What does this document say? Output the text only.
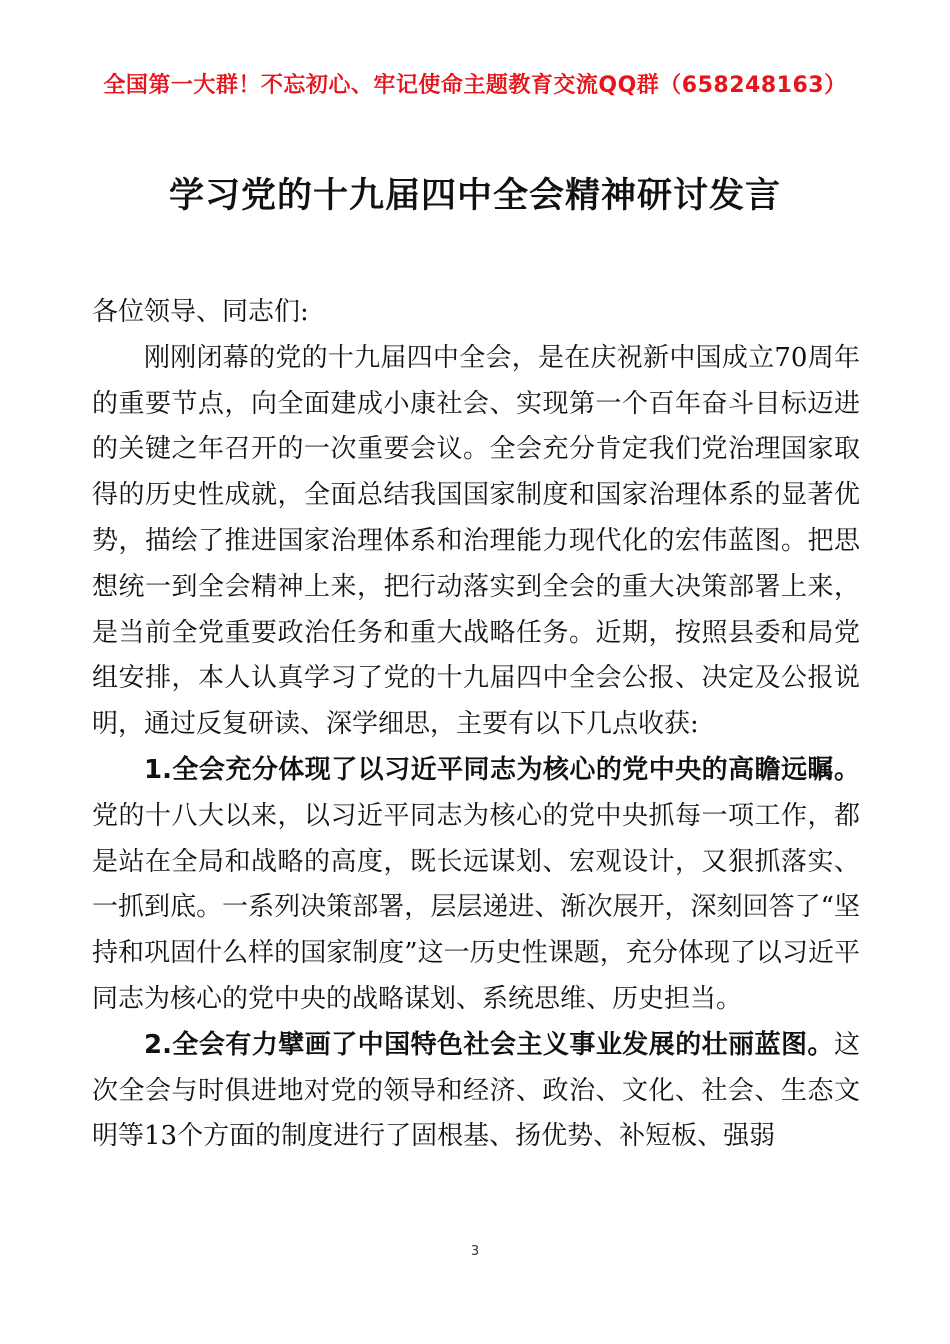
全国第一大群！不忘初心、牢记使命主题教育交流QQ群（658248163）
学习党的十九届四中全会精神研讨发言

各位领导、同志们:

刚刚闭幕的党的十九届四中全会，是在庆祝新中国成立70周年的重要节点，向全面建成小康社会、实现第一个百年奋斗目标迈进的关键之年召开的一次重要会议。全会充分肯定我们党治理国家取得的历史性成就，全面总结我国国家制度和国家治理体系的显著优势，描绘了推进国家治理体系和治理能力现代化的宏伟蓝图。把思想统一到全会精神上来，把行动落实到全会的重大决策部署上来，是当前全党重要政治任务和重大战略任务。近期，按照县委和局党组安排，本人认真学习了党的十九届四中全会公报、决定及公报说明，通过反复研读、深学细思，主要有以下几点收获:

1.全会充分体现了以习近平同志为核心的党中央的高瞻远瞩。党的十八大以来，以习近平同志为核心的党中央抓每一项工作，都是站在全局和战略的高度，既长远谋划、宏观设计，又狠抓落实、一抓到底。一系列决策部署，层层递进、渐次展开，深刻回答了“坚持和巩固什么样的国家制度”这一历史性课题，充分体现了以习近平同志为核心的党中央的战略谋划、系统思维、历史担当。

2.全会有力擘画了中国特色社会主义事业发展的壮丽蓝图。这次全会与时俱进地对党的领导和经济、政治、文化、社会、生态文明等13个方面的制度进行了固根基、扬优势、补短板、强弱

3
